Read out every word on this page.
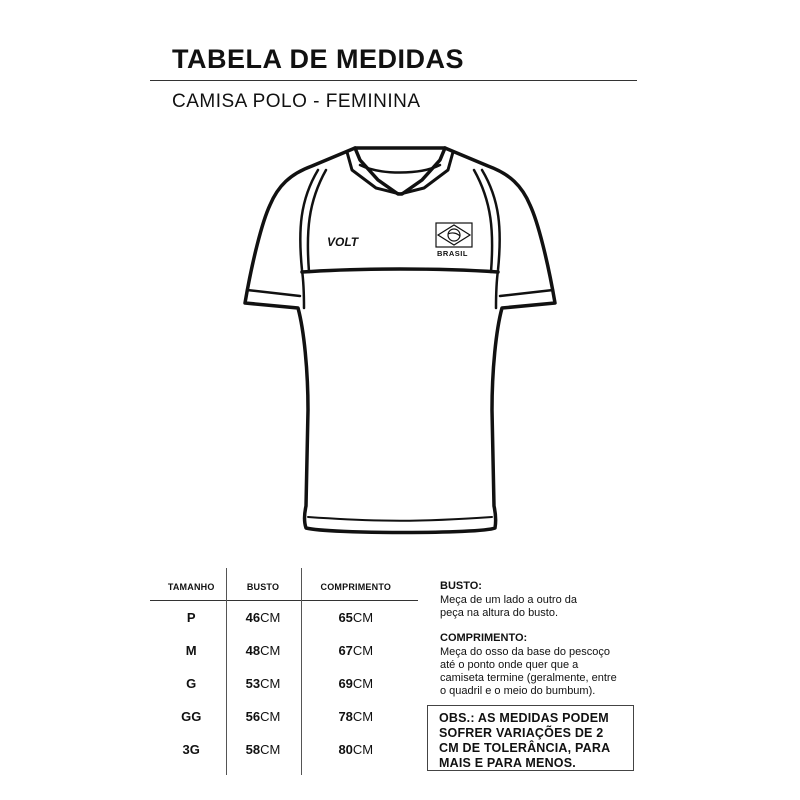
TABELA DE MEDIDAS
CAMISA POLO - FEMININA
VOLT
BRASIL
TAMANHO	BUSTO	COMPRIMENTO
P	46CM	65CM
M	48CM	67CM
G	53CM	69CM
GG	56CM	78CM
3G	58CM	80CM
BUSTO:

Meça de um lado a outro da peça na altura do busto.

COMPRIMENTO:

Meça do osso da base do pescoço até o ponto onde quer que a camiseta termine (geralmente, entre o quadril e o meio do bumbum).

OBS.: AS MEDIDAS PODEM SOFRER VARIAÇÕES DE 2 CM DE TOLERÂNCIA, PARA MAIS E PARA MENOS.
